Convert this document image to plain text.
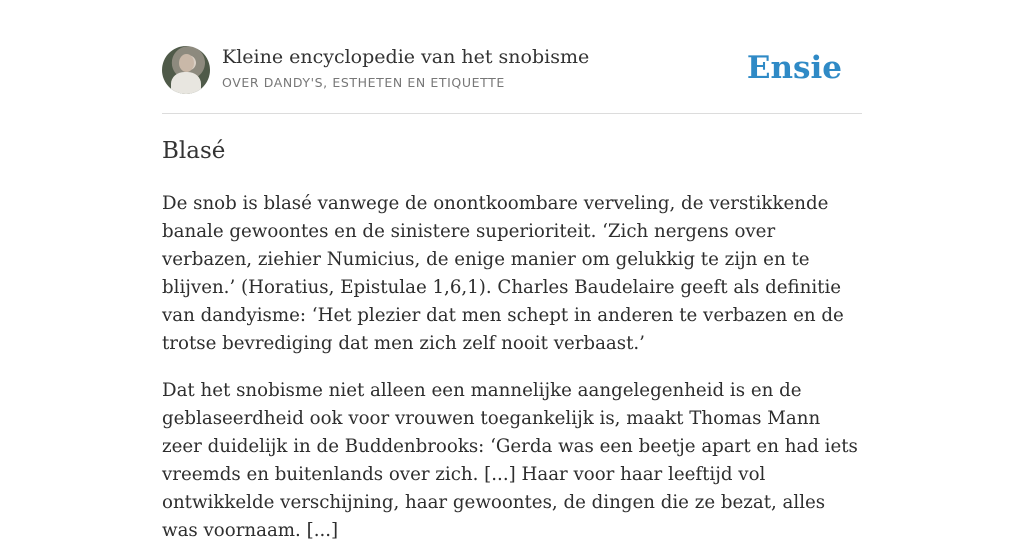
Kleine encyclopedie van het snobisme
OVER DANDY'S, ESTHETEN EN ETIQUETTE	Ensie
Blasé

De snob is blasé vanwege de onontkoombare verveling, de verstikkende banale gewoontes en de sinistere superioriteit. ‘Zich nergens over verbazen, ziehier Numicius, de enige manier om gelukkig te zijn en te blijven.’ (Horatius, Epistulae 1,6,1). Charles Baudelaire geeft als definitie van dandyisme: ‘Het plezier dat men schept in anderen te verbazen en de trotse bevrediging dat men zich zelf nooit verbaast.’

Dat het snobisme niet alleen een mannelijke aangelegenheid is en de geblaseerdheid ook voor vrouwen toegankelijk is, maakt Thomas Mann zeer duidelijk in de Buddenbrooks: ‘Gerda was een beetje apart en had iets vreemds en buitenlands over zich. [...] Haar voor haar leeftijd vol ontwikkelde verschijning, haar gewoontes, de dingen die ze bezat, alles was voornaam. [...]
